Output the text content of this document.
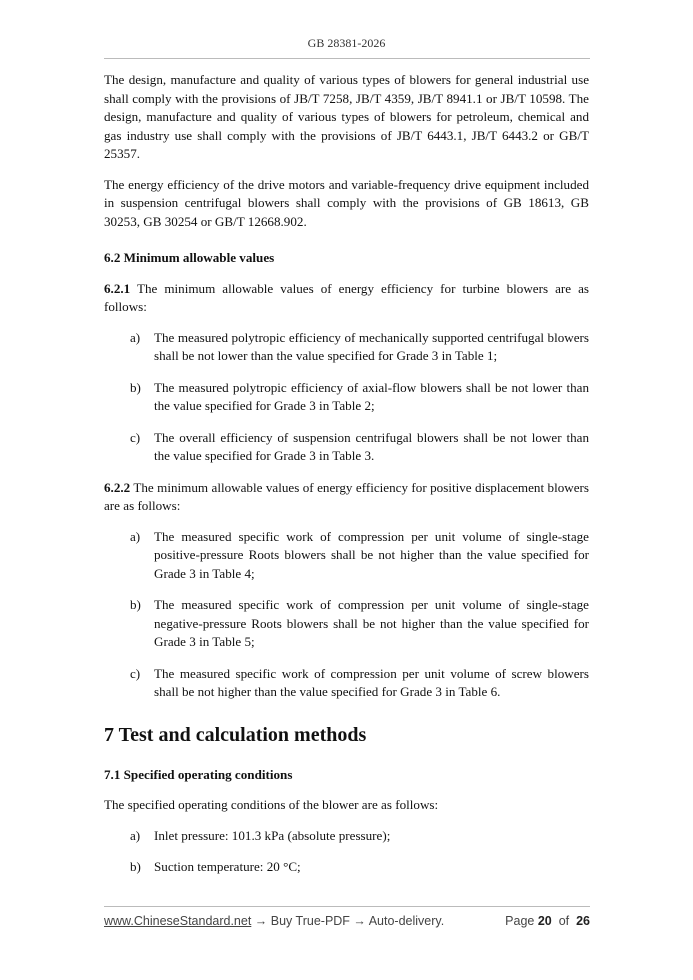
GB 28381-2026

The design, manufacture and quality of various types of blowers for general industrial use shall comply with the provisions of JB/T 7258, JB/T 4359, JB/T 8941.1 or JB/T 10598. The design, manufacture and quality of various types of blowers for petroleum, chemical and gas industry use shall comply with the provisions of JB/T 6443.1, JB/T 6443.2 or GB/T 25357.

The energy efficiency of the drive motors and variable-frequency drive equipment included in suspension centrifugal blowers shall comply with the provisions of GB 18613, GB 30253, GB 30254 or GB/T 12668.902.

6.2 Minimum allowable values

6.2.1 The minimum allowable values of energy efficiency for turbine blowers are as follows:

a)	The measured polytropic efficiency of mechanically supported centrifugal blowers shall be not lower than the value specified for Grade 3 in Table 1;
b) The measured polytropic efficiency of axial-flow blowers shall be not lower than the value specified for Grade 3 in Table 2;
c)	The overall efficiency of suspension centrifugal blowers shall be not lower than the value specified for Grade 3 in Table 3.

6.2.2 The minimum allowable values of energy efficiency for positive displacement blowers are as follows:

a)	The measured specific work of compression per unit volume of single-stage positive-pressure Roots blowers shall be not higher than the value specified for Grade 3 in Table 4;
b) The measured specific work of compression per unit volume of single-stage negative-pressure Roots blowers shall be not higher than the value specified for Grade 3 in Table 5;
c)	The measured specific work of compression per unit volume of screw blowers shall be not higher than the value specified for Grade 3 in Table 6.
7 Test and calculation methods
7.1 Specified operating conditions

The specified operating conditions of the blower are as follows:

a)	Inlet pressure: 101.3 kPa (absolute pressure);
b) Suction temperature: 20 °C;
www.ChineseStandard.net → Buy True-PDF → Auto-delivery.	Page 20 of 26
